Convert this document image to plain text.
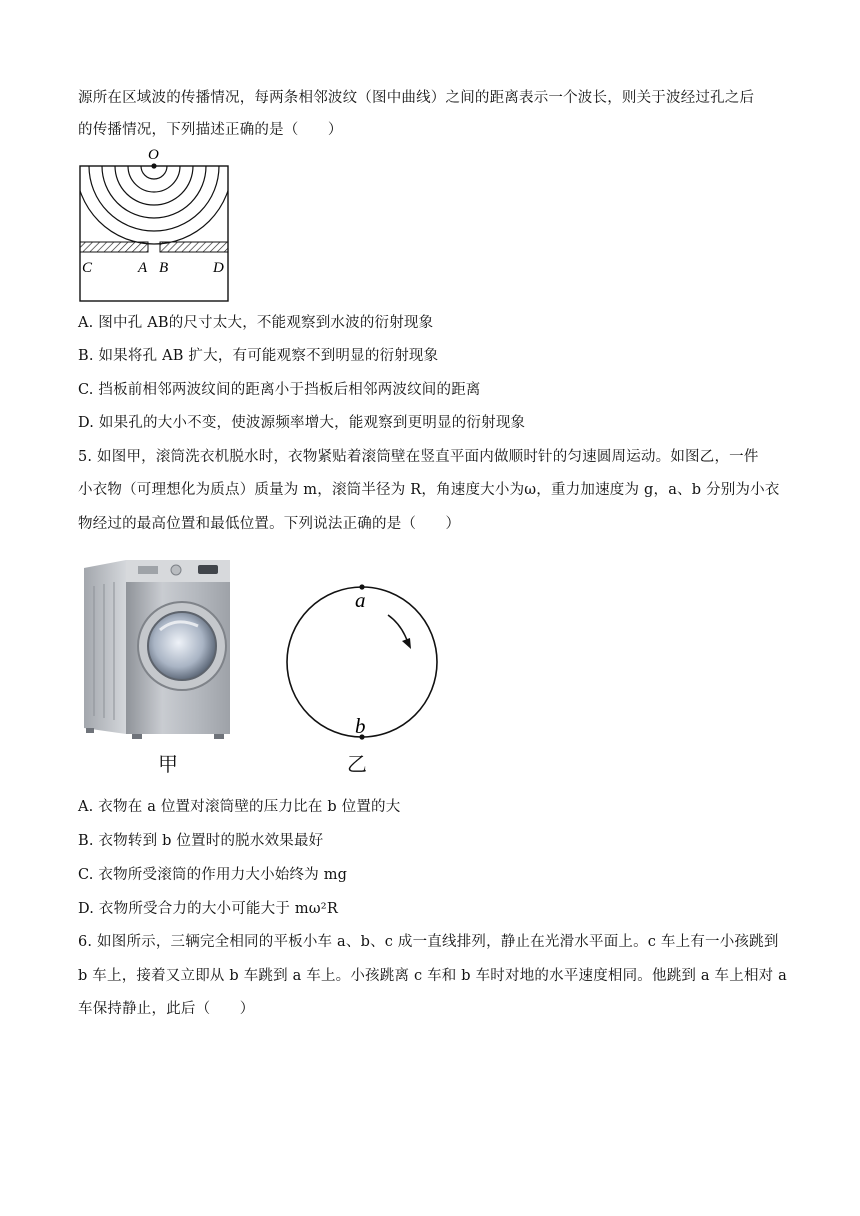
源所在区域波的传播情况，每两条相邻波纹（图中曲线）之间的距离表示一个波长，则关于波经过孔之后
的传播情况，下列描述正确的是（　　）
O
C	A B	D
A. 图中孔 AB的尺寸太大，不能观察到水波的衍射现象
B. 如果将孔 AB 扩大，有可能观察不到明显的衍射现象
C. 挡板前相邻两波纹间的距离小于挡板后相邻两波纹间的距离
D. 如果孔的大小不变，使波源频率增大，能观察到更明显的衍射现象
5. 如图甲，滚筒洗衣机脱水时，衣物紧贴着滚筒壁在竖直平面内做顺时针的匀速圆周运动。如图乙，一件
小衣物（可理想化为质点）质量为 m，滚筒半径为 R，角速度大小为ω，重力加速度为 g，a、b 分别为小衣
物经过的最高位置和最低位置。下列说法正确的是（　　）
甲
a
b
乙
A. 衣物在 a 位置对滚筒壁的压力比在 b 位置的大
B. 衣物转到 b 位置时的脱水效果最好
C. 衣物所受滚筒的作用力大小始终为 mg
D. 衣物所受合力的大小可能大于 mω²R
6. 如图所示，三辆完全相同的平板小车 a、b、c 成一直线排列，静止在光滑水平面上。c 车上有一小孩跳到
b 车上，接着又立即从 b 车跳到 a 车上。小孩跳离 c 车和 b 车时对地的水平速度相同。他跳到 a 车上相对 a
车保持静止，此后（　　）
